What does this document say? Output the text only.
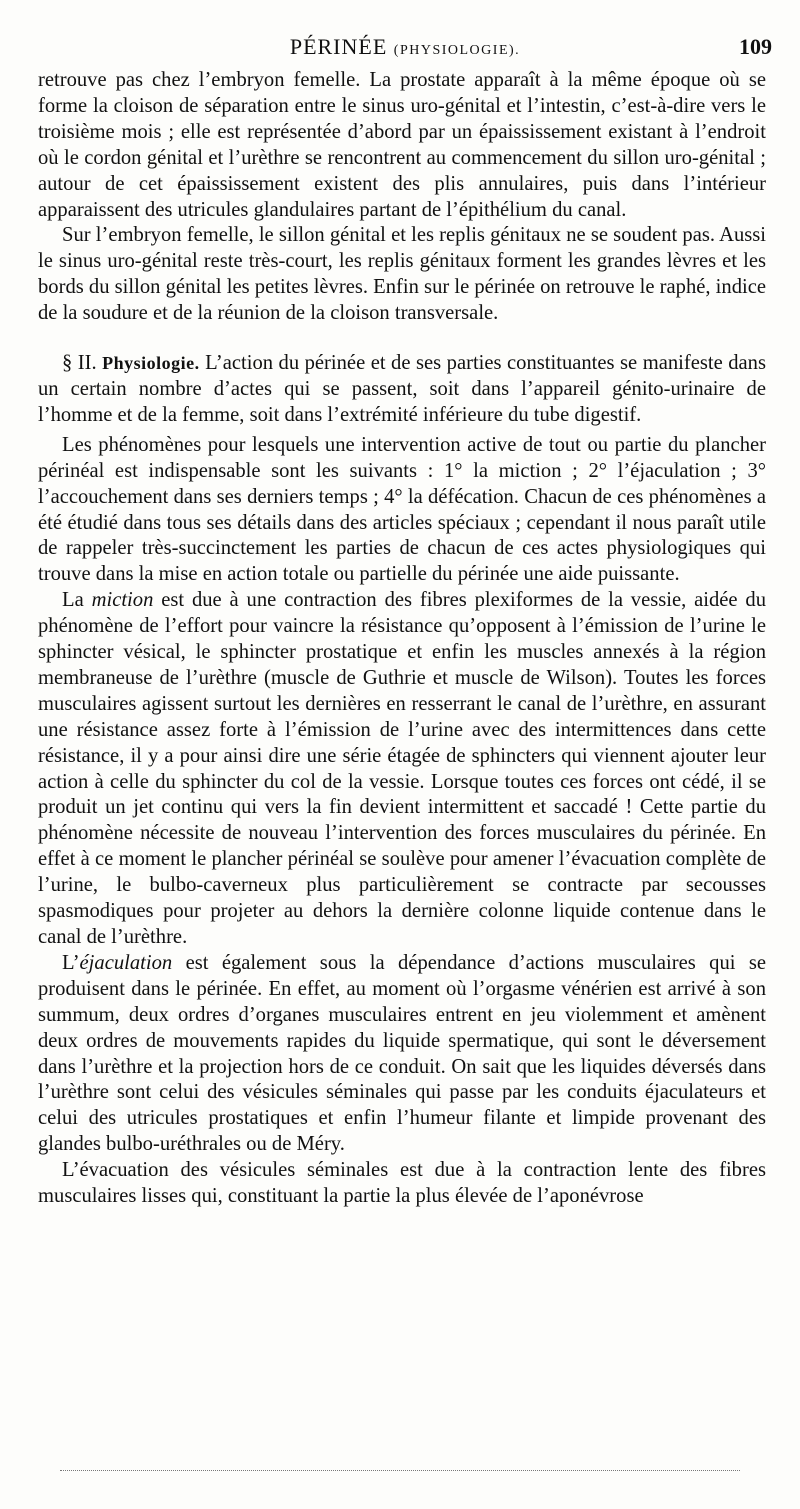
PÉRINÉE (PHYSIOLOGIE).	109

retrouve pas chez l’embryon femelle. La prostate apparaît à la même époque où se forme la cloison de séparation entre le sinus uro-génital et l’intestin, c’est-à-dire vers le troisième mois ; elle est représentée d’abord par un épaississement existant à l’endroit où le cordon génital et l’urèthre se rencontrent au commencement du sillon uro-génital ; autour de cet épaississement existent des plis annulaires, puis dans l’intérieur apparaissent des utricules glandulaires partant de l’épithélium du canal.

Sur l’embryon femelle, le sillon génital et les replis génitaux ne se soudent pas. Aussi le sinus uro-génital reste très-court, les replis génitaux forment les grandes lèvres et les bords du sillon génital les petites lèvres. Enfin sur le périnée on retrouve le raphé, indice de la soudure et de la réunion de la cloison transversale.

§ II. Physiologie. L’action du périnée et de ses parties constituantes se manifeste dans un certain nombre d’actes qui se passent, soit dans l’appareil génito-urinaire de l’homme et de la femme, soit dans l’extrémité inférieure du tube digestif.

Les phénomènes pour lesquels une intervention active de tout ou partie du plancher périnéal est indispensable sont les suivants : 1° la miction ; 2° l’éjaculation ; 3° l’accouchement dans ses derniers temps ; 4° la défécation. Chacun de ces phénomènes a été étudié dans tous ses détails dans des articles spéciaux ; cependant il nous paraît utile de rappeler très-succinctement les parties de chacun de ces actes physiologiques qui trouve dans la mise en action totale ou partielle du périnée une aide puissante.

La miction est due à une contraction des fibres plexiformes de la vessie, aidée du phénomène de l’effort pour vaincre la résistance qu’opposent à l’émission de l’urine le sphincter vésical, le sphincter prostatique et enfin les muscles annexés à la région membraneuse de l’urèthre (muscle de Guthrie et muscle de Wilson). Toutes les forces musculaires agissent surtout les dernières en resserrant le canal de l’urèthre, en assurant une résistance assez forte à l’émission de l’urine avec des intermittences dans cette résistance, il y a pour ainsi dire une série étagée de sphincters qui viennent ajouter leur action à celle du sphincter du col de la vessie. Lorsque toutes ces forces ont cédé, il se produit un jet continu qui vers la fin devient intermittent et saccadé ! Cette partie du phénomène nécessite de nouveau l’intervention des forces musculaires du périnée. En effet à ce moment le plancher périnéal se soulève pour amener l’évacuation complète de l’urine, le bulbo-caverneux plus particulièrement se contracte par secousses spasmodiques pour projeter au dehors la dernière colonne liquide contenue dans le canal de l’urèthre.

L’éjaculation est également sous la dépendance d’actions musculaires qui se produisent dans le périnée. En effet, au moment où l’orgasme vénérien est arrivé à son summum, deux ordres d’organes musculaires entrent en jeu violemment et amènent deux ordres de mouvements rapides du liquide spermatique, qui sont le déversement dans l’urèthre et la projection hors de ce conduit. On sait que les liquides déversés dans l’urèthre sont celui des vésicules séminales qui passe par les conduits éjaculateurs et celui des utricules prostatiques et enfin l’humeur filante et limpide provenant des glandes bulbo-uréthrales ou de Méry.

L’évacuation des vésicules séminales est due à la contraction lente des fibres musculaires lisses qui, constituant la partie la plus élevée de l’aponévrose
